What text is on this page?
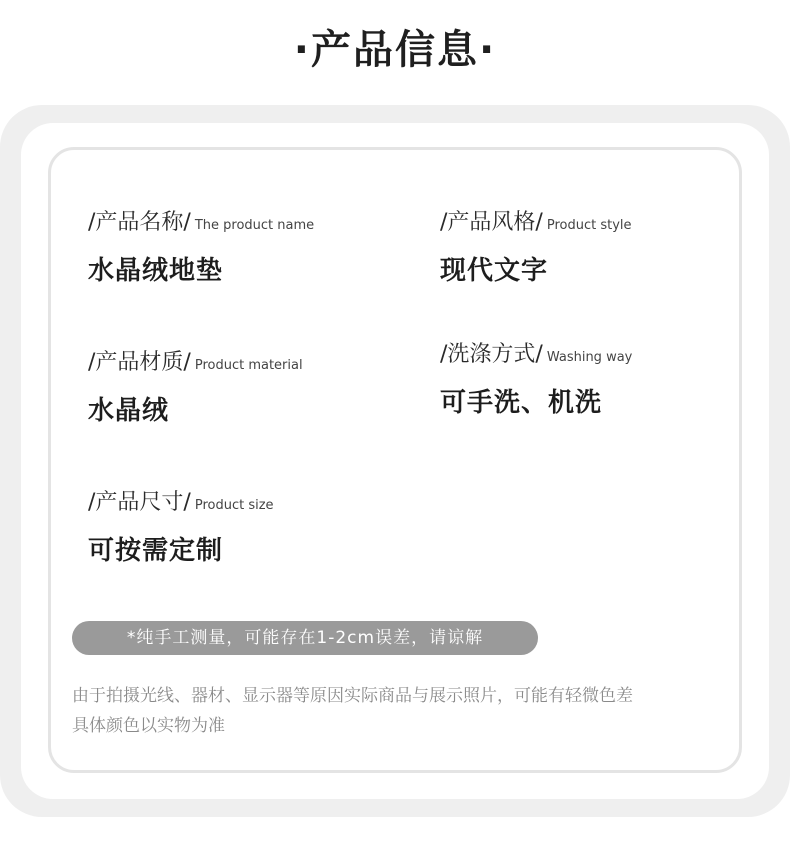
·产品信息·
/产品名称/ The product name
水晶绒地垫
/产品风格/ Product style
现代文字
/产品材质/ Product material
水晶绒
/洗涤方式/ Washing way
可手洗、机洗
/产品尺寸/ Product size
可按需定制
*纯手工测量，可能存在1-2cm误差，请谅解
由于拍摄光线、器材、显示器等原因实际商品与展示照片，可能有轻微色差
具体颜色以实物为准
